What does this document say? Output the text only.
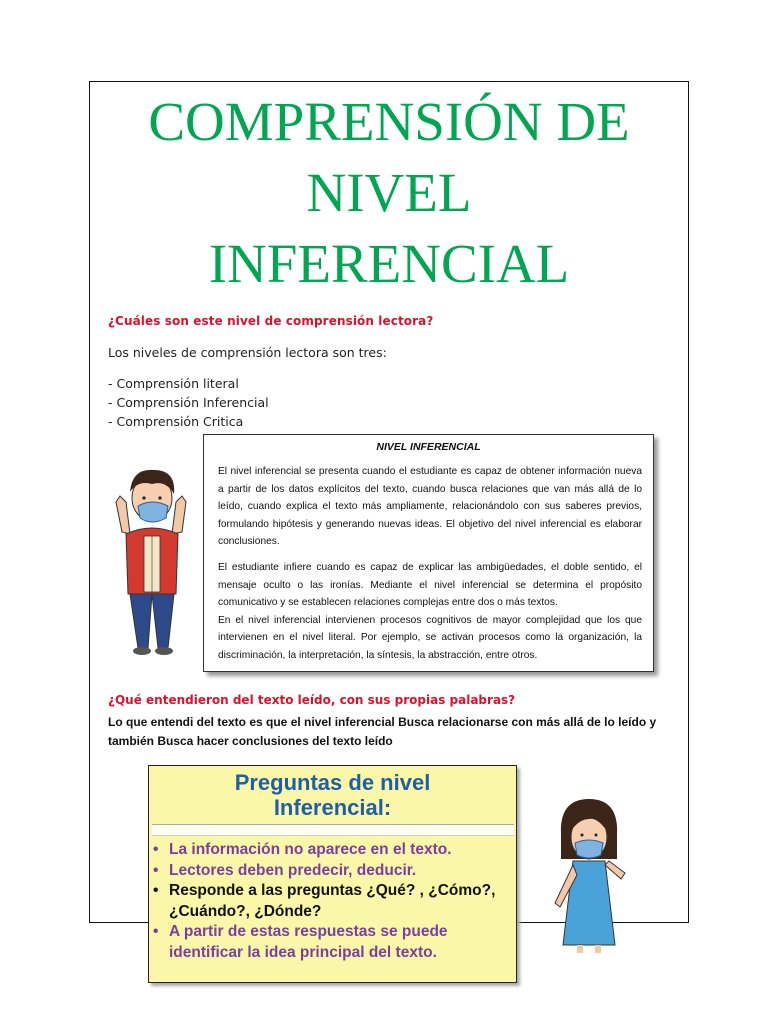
COMPRENSIÓN DE
NIVEL
INFERENCIAL
¿Cuáles son este nivel de comprensión lectora?
Los niveles de comprensión lectora son tres:
- Comprensión literal
- Comprensión Inferencial
- Comprensión Critica
NIVEL INFERENCIAL

El nivel inferencial se presenta cuando el estudiante es capaz de obtener información nueva a partir de los datos explícitos del texto, cuando busca relaciones que van más allá de lo leído, cuando explica el texto más ampliamente, relacionándolo con sus saberes previos, formulando hipótesis y generando nuevas ideas. El objetivo del nivel inferencial es elaborar conclusiones.

El estudiante infiere cuando es capaz de explicar las ambigüedades, el doble sentido, el mensaje oculto o las ironías. Mediante el nivel inferencial se determina el propósito comunicativo y se establecen relaciones complejas entre dos o más textos.

En el nivel inferencial intervienen procesos cognitivos de mayor complejidad que los que intervienen en el nivel literal. Por ejemplo, se activan procesos como la organización, la discriminación, la interpretación, la síntesis, la abstracción, entre otros.

¿Qué entendieron del texto leído, con sus propias palabras?
Lo que entendi del texto es que el nivel inferencial Busca relacionarse con más allá de lo leído y también Busca hacer conclusiones del texto leído
Preguntas de nivel
Inferencial:
• La información no aparece en el texto.
• Lectores deben predecir, deducir.
• Responde a las preguntas ¿Qué? , ¿Cómo?, ¿Cuándo?, ¿Dónde?
• A partir de estas respuestas se puede identificar la idea principal del texto.
